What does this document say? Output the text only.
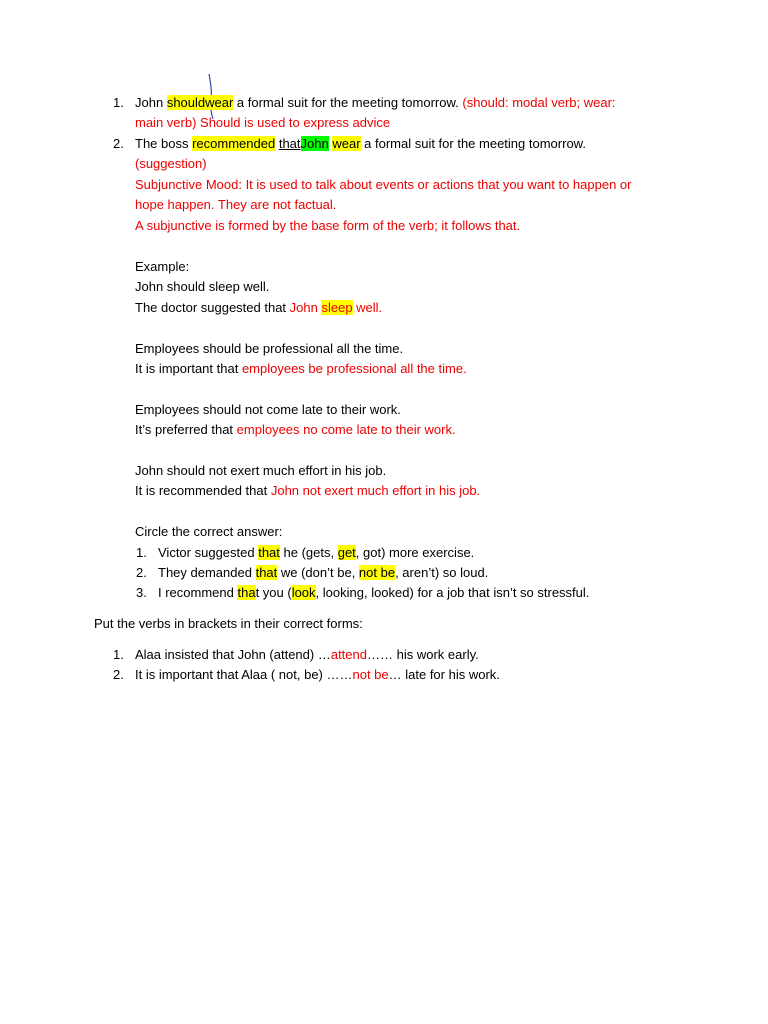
1. John shouldwear a formal suit for the meeting tomorrow. (should: modal verb; wear:
main verb) Should is used to express advice
2. The boss recommended thatJohn wear a formal suit for the meeting tomorrow.
(suggestion)
Subjunctive Mood: It is used to talk about events or actions that you want to happen or
hope happen. They are not factual.
A subjunctive is formed by the base form of the verb; it follows that.
Example:
John should sleep well.
The doctor suggested that John sleep well.
Employees should be professional all the time.
It is important that employees be professional all the time.
Employees should not come late to their work.
It’s preferred that employees no come late to their work.
John should not exert much effort in his job.
It is recommended that John not exert much effort in his job.
Circle the correct answer:
1. Victor suggested that he (gets, get, got) more exercise.
2. They demanded that we (don’t be, not be, aren’t) so loud.
3. I recommend that you (look, looking, looked) for a job that isn’t so stressful.
Put the verbs in brackets in their correct forms:
1. Alaa insisted that John (attend) …attend…… his work early.
2. It is important that Alaa ( not, be) ……not be… late for his work.
